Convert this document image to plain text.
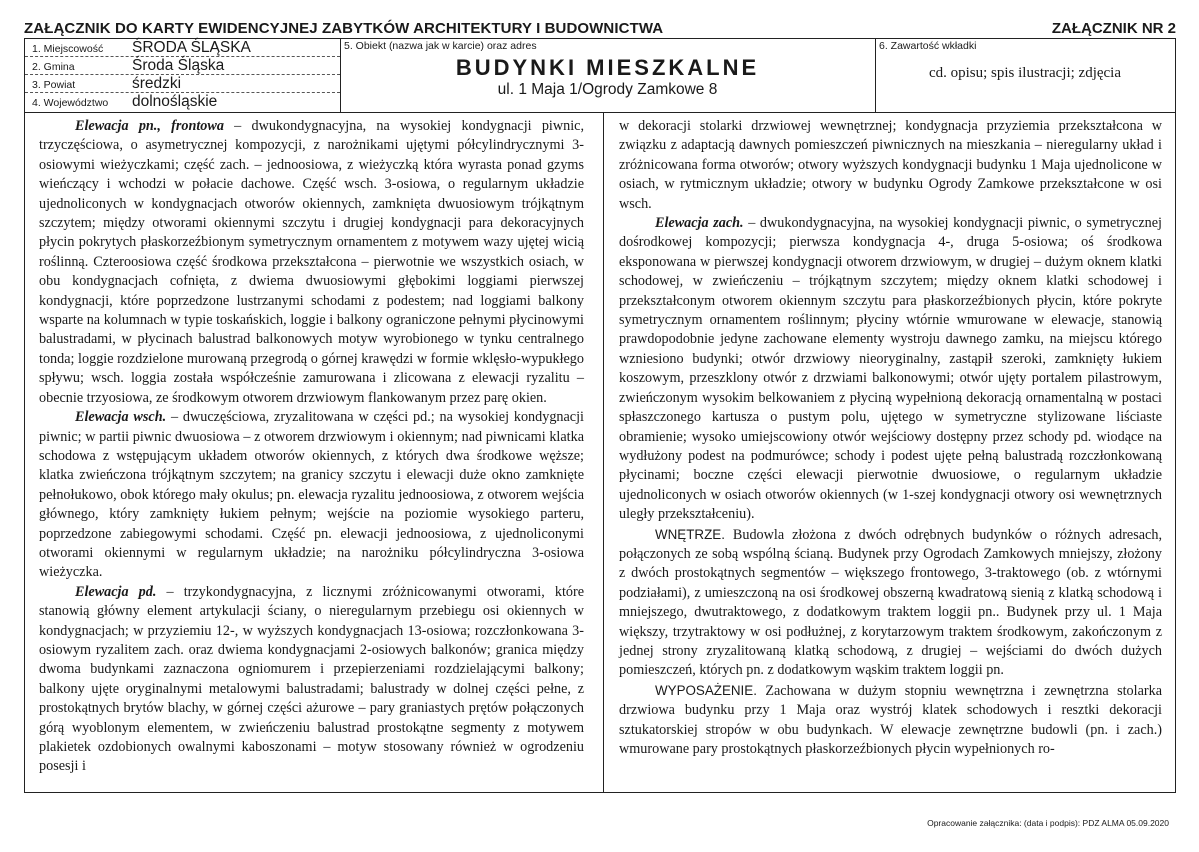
ZAŁĄCZNIK DO KARTY EWIDENCYJNEJ ZABYTKÓW ARCHITEKTURY I BUDOWNICTWA	ZAŁĄCZNIK NR 2
1. Miejscowość ŚRODA ŚLĄSKA
2. Gmina	Środa Śląska
3. Powiat	średzki
4. Województwo dolnośląskie
5. Obiekt (nazwa jak w karcie) oraz adres
BUDYNKI MIESZKALNE
ul. 1 Maja 1/Ogrody Zamkowe 8
6. Zawartość wkładki
cd. opisu; spis ilustracji; zdjęcia

Elewacja pn., frontowa – dwukondygnacyjna, na wysokiej kondygnacji piwnic, trzyczęściowa, o asymetrycznej kompozycji, z narożnikami ujętymi półcylindrycznymi 3-osiowymi wieżyczkami; część zach. – jednoosiowa, z wieżyczką która wyrasta ponad gzyms wieńczący i wchodzi w połacie dachowe. Część wsch. 3-osiowa, o regularnym układzie ujednoliconych w kondygnacjach otworów okiennych, zamknięta dwuosiowym trójkątnym szczytem; między otworami okiennymi szczytu i drugiej kondygnacji para dekoracyjnych płycin pokrytych płaskorzeźbionym symetrycznym ornamentem z motywem wazy ujętej wicią roślinną. Czteroosiowa część środkowa przekształcona – pierwotnie we wszystkich osiach, w obu kondygnacjach cofnięta, z dwiema dwuosiowymi głębokimi loggiami pierwszej kondygnacji, które poprzedzone lustrzanymi schodami z podestem; nad loggiami balkony wsparte na kolumnach w typie toskańskich, loggie i balkony ograniczone pełnymi płycinowymi balustradami, w płycinach balustrad balkonowych motyw wyrobionego w tynku centralnego tonda; loggie rozdzielone murowaną przegrodą o górnej krawędzi w formie wklęsło-wypukłego spływu; wsch. loggia została współcześnie zamurowana i zlicowana z elewacji ryzalitu – obecnie trzyosiowa, ze środkowym otworem drzwiowym flankowanym przez parę okien.

Elewacja wsch. – dwuczęściowa, zryzalitowana w części pd.; na wysokiej kondygnacji piwnic; w partii piwnic dwuosiowa – z otworem drzwiowym i okiennym; nad piwnicami klatka schodowa z wstępującym układem otworów okiennych, z których dwa środkowe węższe; klatka zwieńczona trójkątnym szczytem; na granicy szczytu i elewacji duże okno zamknięte pełnołukowo, obok którego mały okulus; pn. elewacja ryzalitu jednoosiowa, z otworem wejścia głównego, który zamknięty łukiem pełnym; wejście na poziomie wysokiego parteru, poprzedzone zabiegowymi schodami. Część pn. elewacji jednoosiowa, z ujednoliconymi otworami okiennymi w regularnym układzie; na narożniku półcylindryczna 3-osiowa wieżyczka.

Elewacja pd. – trzykondygnacyjna, z licznymi zróżnicowanymi otworami, które stanowią główny element artykulacji ściany, o nieregularnym przebiegu osi okiennych w kondygnacjach; w przyziemiu 12-, w wyższych kondygnacjach 13-osiowa; rozczłonkowana 3-osiowym ryzalitem zach. oraz dwiema kondygnacjami 2-osiowych balkonów; granica między dwoma budynkami zaznaczona ogniomurem i przepierzeniami rozdzielającymi balkony; balkony ujęte oryginalnymi metalowymi balustradami; balustrady w dolnej części pełne, z prostokątnych brytów blachy, w górnej części ażurowe – pary graniastych prętów połączonych górą wyoblonym elementem, w zwieńczeniu balustrad prostokątne segmenty z motywem plakietek ozdobionych owalnymi kaboszonami – motyw stosowany również w ogrodzeniu posesji i

w dekoracji stolarki drzwiowej wewnętrznej; kondygnacja przyziemia przekształcona w związku z adaptacją dawnych pomieszczeń piwnicznych na mieszkania – nieregularny układ i zróżnicowana forma otworów; otwory wyższych kondygnacji budynku 1 Maja ujednolicone w osiach, w rytmicznym układzie; otwory w budynku Ogrody Zamkowe przekształcone w osi wsch.

Elewacja zach. – dwukondygnacyjna, na wysokiej kondygnacji piwnic, o symetrycznej dośrodkowej kompozycji; pierwsza kondygnacja 4-, druga 5-osiowa; oś środkowa eksponowana w pierwszej kondygnacji otworem drzwiowym, w drugiej – dużym oknem klatki schodowej, w zwieńczeniu – trójkątnym szczytem; między oknem klatki schodowej i przekształconym otworem okiennym szczytu para płaskorzeźbionych płycin, które pokryte symetrycznym ornamentem roślinnym; płyciny wtórnie wmurowane w elewacje, stanowią prawdopodobnie jedyne zachowane elementy wystroju dawnego zamku, na miejscu którego wzniesiono budynki; otwór drzwiowy nieoryginalny, zastąpił szeroki, zamknięty łukiem koszowym, przeszklony otwór z drzwiami balkonowymi; otwór ujęty portalem pilastrowym, zwieńczonym wysokim belkowaniem z płyciną wypełnioną dekoracją ornamentalną w postaci spłaszczonego kartusza o pustym polu, ujętego w symetryczne stylizowane liściaste obramienie; wysoko umiejscowiony otwór wejściowy dostępny przez schody pd. wiodące na wydłużony podest na podmurówce; schody i podest ujęte pełną balustradą rozczłonkowaną płycinami; boczne części elewacji pierwotnie dwuosiowe, o regularnym układzie ujednoliconych w osiach otworów okiennych (w 1-szej kondygnacji otwory osi wewnętrznych uległy przekształceniu).

WNĘTRZE. Budowla złożona z dwóch odrębnych budynków o różnych adresach, połączonych ze sobą wspólną ścianą. Budynek przy Ogrodach Zamkowych mniejszy, złożony z dwóch prostokątnych segmentów – większego frontowego, 3-traktowego (ob. z wtórnymi podziałami), z umieszczoną na osi środkowej obszerną kwadratową sienią z klatką schodową i mniejszego, dwutraktowego, z dodatkowym traktem loggii pn.. Budynek przy ul. 1 Maja większy, trzytraktowy w osi podłużnej, z korytarzowym traktem środkowym, zakończonym z jednej strony zryzalitowaną klatką schodową, z drugiej – wejściami do dwóch dużych pomieszczeń, których pn. z dodatkowym wąskim traktem loggii pn.

WYPOSAŻENIE. Zachowana w dużym stopniu wewnętrzna i zewnętrzna stolarka drzwiowa budynku przy 1 Maja oraz wystrój klatek schodowych i resztki dekoracji sztukatorskiej stropów w obu budynkach. W elewacje zewnętrzne budowli (pn. i zach.) wmurowane pary prostokątnych płaskorzeźbionych płycin wypełnionych ro-

Opracowanie załącznika: (data i podpis): PDZ ALMA 05.09.2020
